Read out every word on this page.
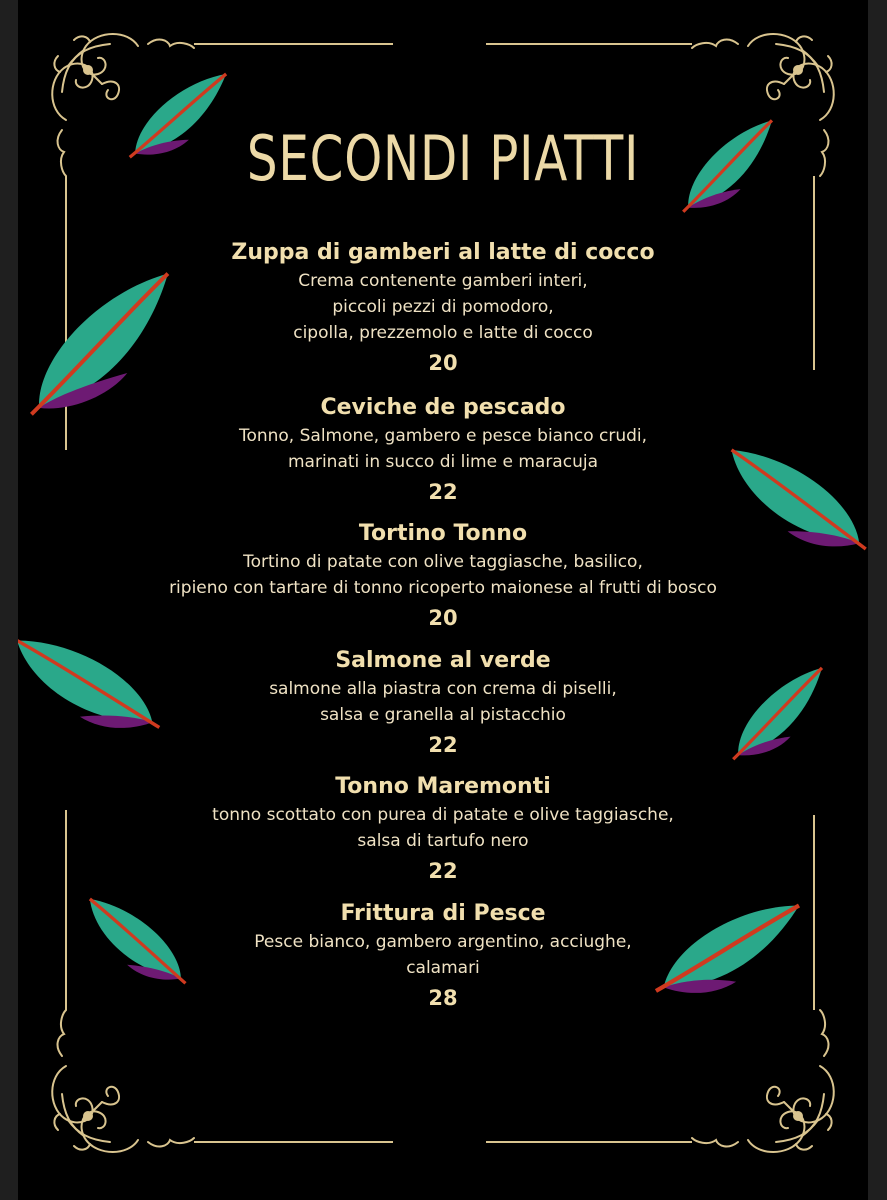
SECONDI PIATTI
Zuppa di gamberi al latte di cocco
Crema contenente gamberi interi,
piccoli pezzi di pomodoro,
cipolla, prezzemolo e latte di cocco
20
Ceviche de pescado
Tonno, Salmone, gambero e pesce bianco crudi,
marinati in succo di lime e maracuja
22
Tortino Tonno
Tortino di patate con olive taggiasche, basilico,
ripieno con tartare di tonno ricoperto maionese al frutti di bosco
20
Salmone al verde
salmone alla piastra con crema di piselli,
salsa e granella al pistacchio
22
Tonno Maremonti
tonno scottato con purea di patate e olive taggiasche,
salsa di tartufo nero
22
Frittura di Pesce
Pesce bianco, gambero argentino, acciughe,
calamari
28
